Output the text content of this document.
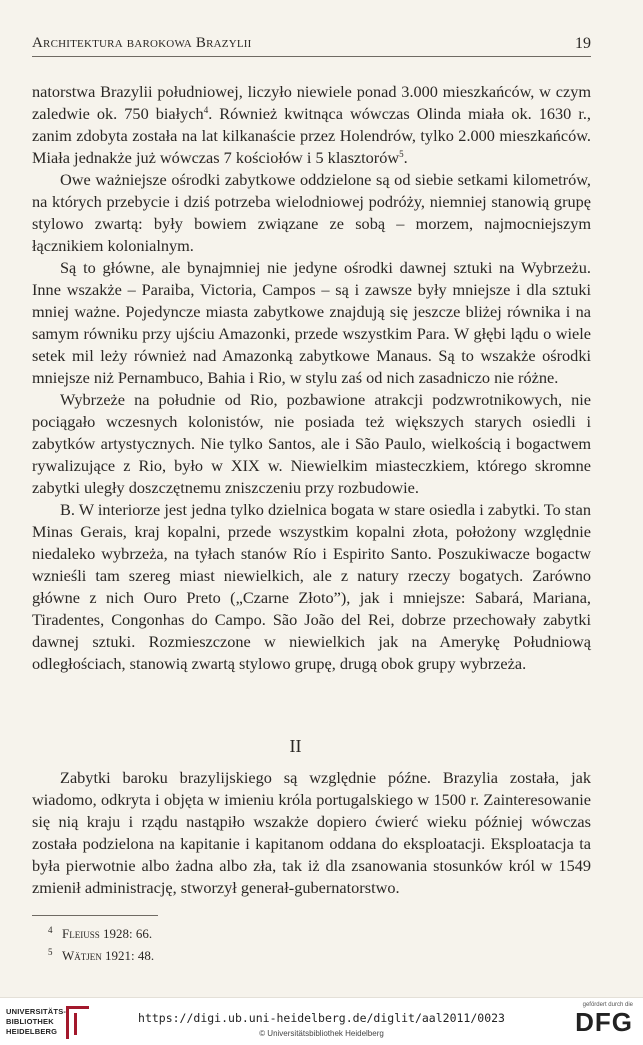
Architektura barokowa Brazylii	19

natorstwa Brazylii południowej, liczyło niewiele ponad 3.000 mieszkańców, w czym zaledwie ok. 750 białych$^4$. Również kwitnąca wówczas Olinda miała ok. 1630 r., zanim zdobyta została na lat kilkanaście przez Holendrów, tylko 2.000 mieszkańców. Miała jednakże już wówczas 7 kościołów i 5 klasztorów$^5$.

Owe ważniejsze ośrodki zabytkowe oddzielone są od siebie setkami kilometrów, na których przebycie i dziś potrzeba wielodniowej podróży, niemniej stanowią grupę stylowo zwartą: były bowiem związane ze sobą – morzem, najmocniejszym łącznikiem kolonialnym.

Są to główne, ale bynajmniej nie jedyne ośrodki dawnej sztuki na Wybrzeżu. Inne wszakże – Paraiba, Victoria, Campos – są i zawsze były mniejsze i dla sztuki mniej ważne. Pojedyncze miasta zabytkowe znajdują się jeszcze bliżej równika i na samym równiku przy ujściu Amazonki, przede wszystkim Para. W głębi lądu o wiele setek mil leży również nad Amazonką zabytkowe Manaus. Są to wszakże ośrodki mniejsze niż Pernambuco, Bahia i Rio, w stylu zaś od nich zasadniczo nie różne.

Wybrzeże na południe od Rio, pozbawione atrakcji podzwrotnikowych, nie pociągało wczesnych kolonistów, nie posiada też większych starych osiedli i zabytków artystycznych. Nie tylko Santos, ale i São Paulo, wielkością i bogactwem rywalizujące z Rio, było w XIX w. Niewielkim miasteczkiem, którego skromne zabytki uległy doszczętnemu zniszczeniu przy rozbudowie.

B. W interiorze jest jedna tylko dzielnica bogata w stare osiedla i zabytki. To stan Minas Gerais, kraj kopalni, przede wszystkim kopalni złota, położony względnie niedaleko wybrzeża, na tyłach stanów Río i Espirito Santo. Poszukiwacze bogactw wznieśli tam szereg miast niewielkich, ale z natury rzeczy bogatych. Zarówno główne z nich Ouro Preto („Czarne Złoto”), jak i mniejsze: Sabará, Mariana, Tiradentes, Congonhas do Campo. São João del Rei, dobrze przechowały zabytki dawnej sztuki. Rozmieszczone w niewielkich jak na Amerykę Południową odległościach, stanowią zwartą stylowo grupę, drugą obok grupy wybrzeża.

II

Zabytki baroku brazylijskiego są względnie późne. Brazylia została, jak wiadomo, odkryta i objęta w imieniu króla portugalskiego w 1500 r. Zainteresowanie się nią kraju i rządu nastąpiło wszakże dopiero ćwierć wieku później wówczas została podzielona na kapitanie i kapitanom oddana do eksploatacji. Eksploatacja ta była pierwotnie albo żadna albo zła, tak iż dla zsanowania stosunków król w 1549 zmienił administrację, stworzył generał-gubernatorstwo.

4 Fleiuss 1928: 66.
5 Wätjen 1921: 48.
UNIVERSITÄTS-
BIBLIOTHEK
HEIDELBERG
https://digi.ub.uni-heidelberg.de/diglit/aal2011/0023
© Universitätsbibliothek Heidelberg
gefördert durch die
DFG
